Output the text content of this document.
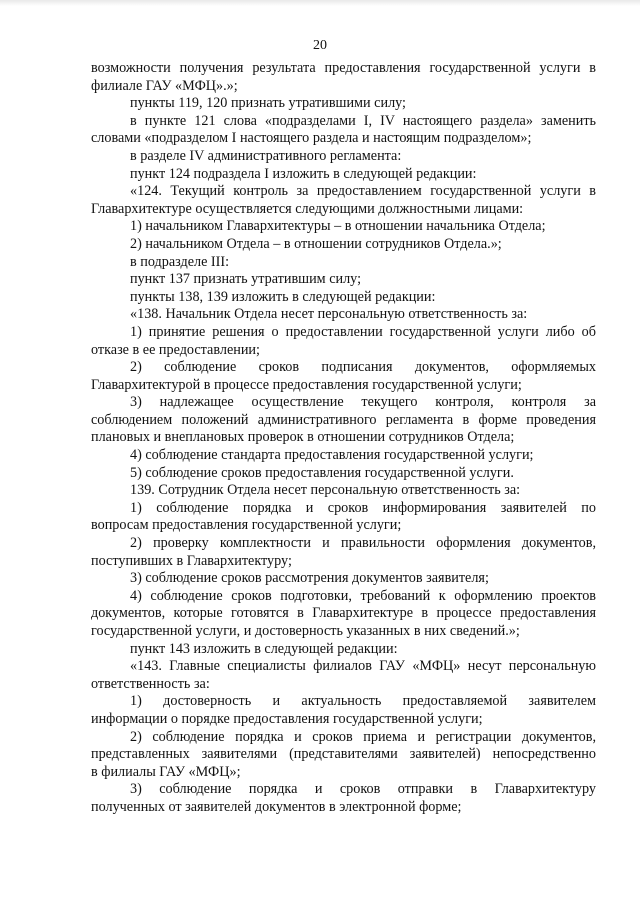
20

возможности получения результата предоставления государственной услуги в

филиале ГАУ «МФЦ».»;

пункты 119, 120 признать утратившими силу;

в пункте 121 слова «подразделами I, IV настоящего раздела» заменить

словами «подразделом I настоящего раздела и настоящим подразделом»;

в разделе IV административного регламента:

пункт 124 подраздела I изложить в следующей редакции:

«124. Текущий контроль за предоставлением государственной услуги в

Главархитектуре осуществляется следующими должностными лицами:

1) начальником Главархитектуры – в отношении начальника Отдела;

2) начальником Отдела – в отношении сотрудников Отдела.»;

в подразделе III:

пункт 137 признать утратившим силу;

пункты 138, 139 изложить в следующей редакции:

«138. Начальник Отдела несет персональную ответственность за:

1) принятие решения о предоставлении государственной услуги либо об

отказе в ее предоставлении;

2) соблюдение сроков подписания документов, оформляемых

Главархитектурой в процессе предоставления государственной услуги;

3) надлежащее осуществление текущего контроля, контроля за

соблюдением положений административного регламента в форме проведения

плановых и внеплановых проверок в отношении сотрудников Отдела;

4) соблюдение стандарта предоставления государственной услуги;

5) соблюдение сроков предоставления государственной услуги.

139. Сотрудник Отдела несет персональную ответственность за:

1) соблюдение порядка и сроков информирования заявителей по

вопросам предоставления государственной услуги;

2) проверку комплектности и правильности оформления документов,

поступивших в Главархитектуру;

3) соблюдение сроков рассмотрения документов заявителя;

4) соблюдение сроков подготовки, требований к оформлению проектов

документов, которые готовятся в Главархитектуре в процессе предоставления

государственной услуги, и достоверность указанных в них сведений.»;

пункт 143 изложить в следующей редакции:

«143. Главные специалисты филиалов ГАУ «МФЦ» несут персональную

ответственность за:

1) достоверность и актуальность предоставляемой заявителем

информации о порядке предоставления государственной услуги;

2) соблюдение порядка и сроков приема и регистрации документов,

представленных заявителями (представителями заявителей) непосредственно

в филиалы ГАУ «МФЦ»;

3) соблюдение порядка и сроков отправки в Главархитектуру

полученных от заявителей документов в электронной форме;
